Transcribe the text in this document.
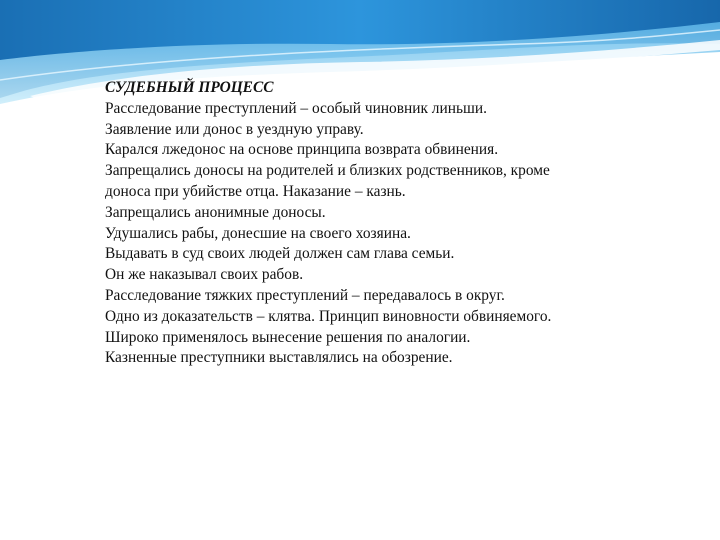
СУДЕБНЫЙ ПРОЦЕСС
Расследование преступлений – особый чиновник линьши.
Заявление или донос в уездную управу.
Карался лжедонос на основе принципа возврата обвинения.
Запрещались доносы на родителей и близких родственников, кроме
доноса при убийстве отца. Наказание – казнь.
Запрещались анонимные доносы.
Удушались рабы, донесшие на своего хозяина.
Выдавать в суд своих людей должен сам глава семьи.
Он же наказывал своих рабов.
Расследование тяжких преступлений – передавалось в округ.
Одно из доказательств – клятва. Принцип виновности обвиняемого.
Широко применялось вынесение решения по аналогии.
Казненные преступники выставлялись на обозрение.
